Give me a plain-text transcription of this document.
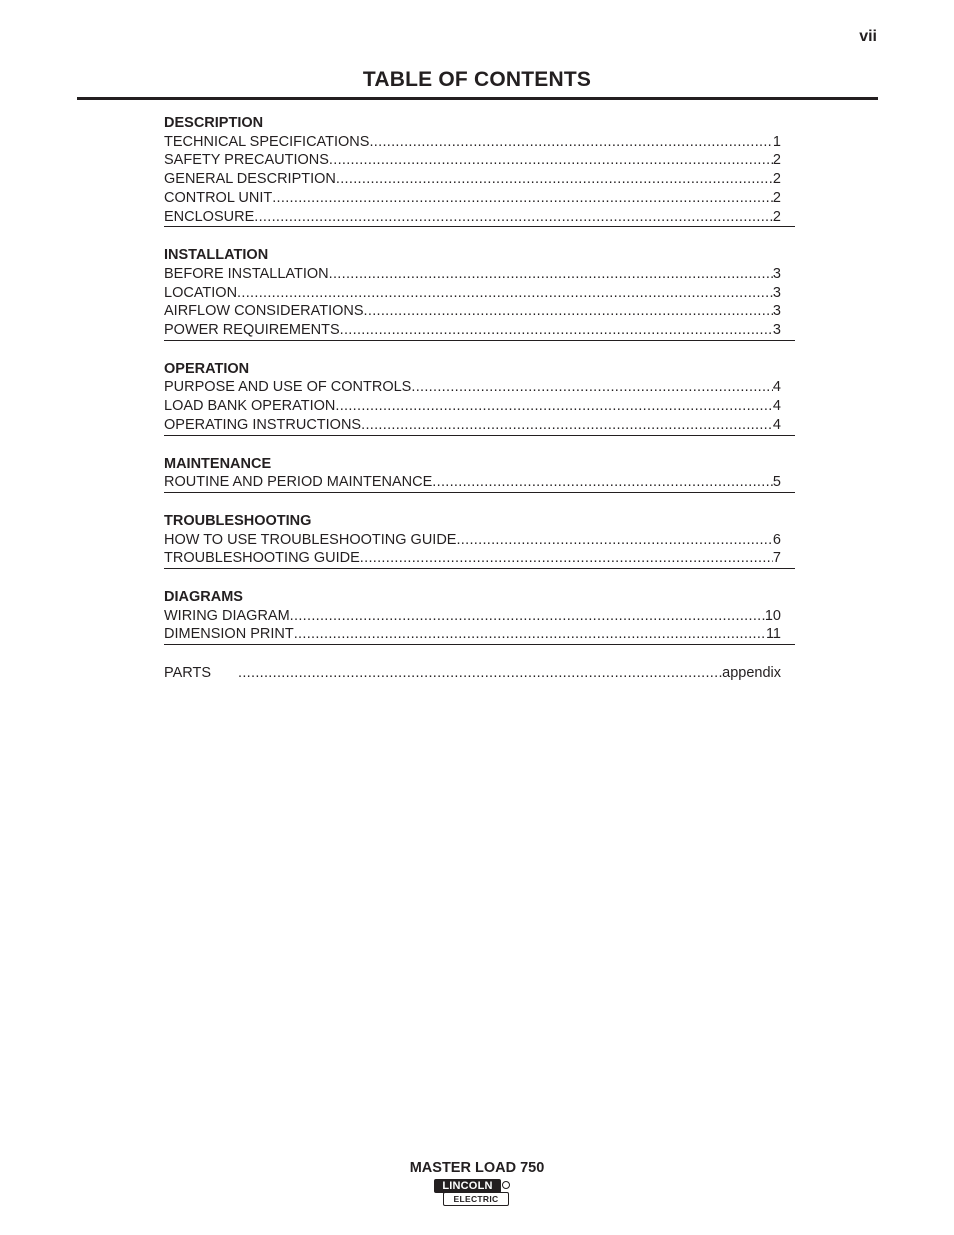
vii
TABLE OF CONTENTS
DESCRIPTION
TECHNICAL SPECIFICATIONS .....	1
SAFETY PRECAUTIONS .....	2
GENERAL DESCRIPTION .....	2
CONTROL UNIT .....	2
ENCLOSURE .....	2
INSTALLATION
BEFORE INSTALLATION .....	3
LOCATION .....	3
AIRFLOW CONSIDERATIONS .....	3
POWER REQUIREMENTS .....	3
OPERATION
PURPOSE AND USE OF CONTROLS .....	4
LOAD BANK OPERATION .....	4
OPERATING INSTRUCTIONS .....	4
MAINTENANCE
ROUTINE AND PERIOD MAINTENANCE .....	5
TROUBLESHOOTING
HOW TO USE TROUBLESHOOTING GUIDE .....	6
TROUBLESHOOTING GUIDE .....	7
DIAGRAMS
WIRING DIAGRAM .....	10
DIMENSION PRINT .....	11
PARTS .....	appendix
MASTER LOAD 750
LINCOLN
ELECTRIC
